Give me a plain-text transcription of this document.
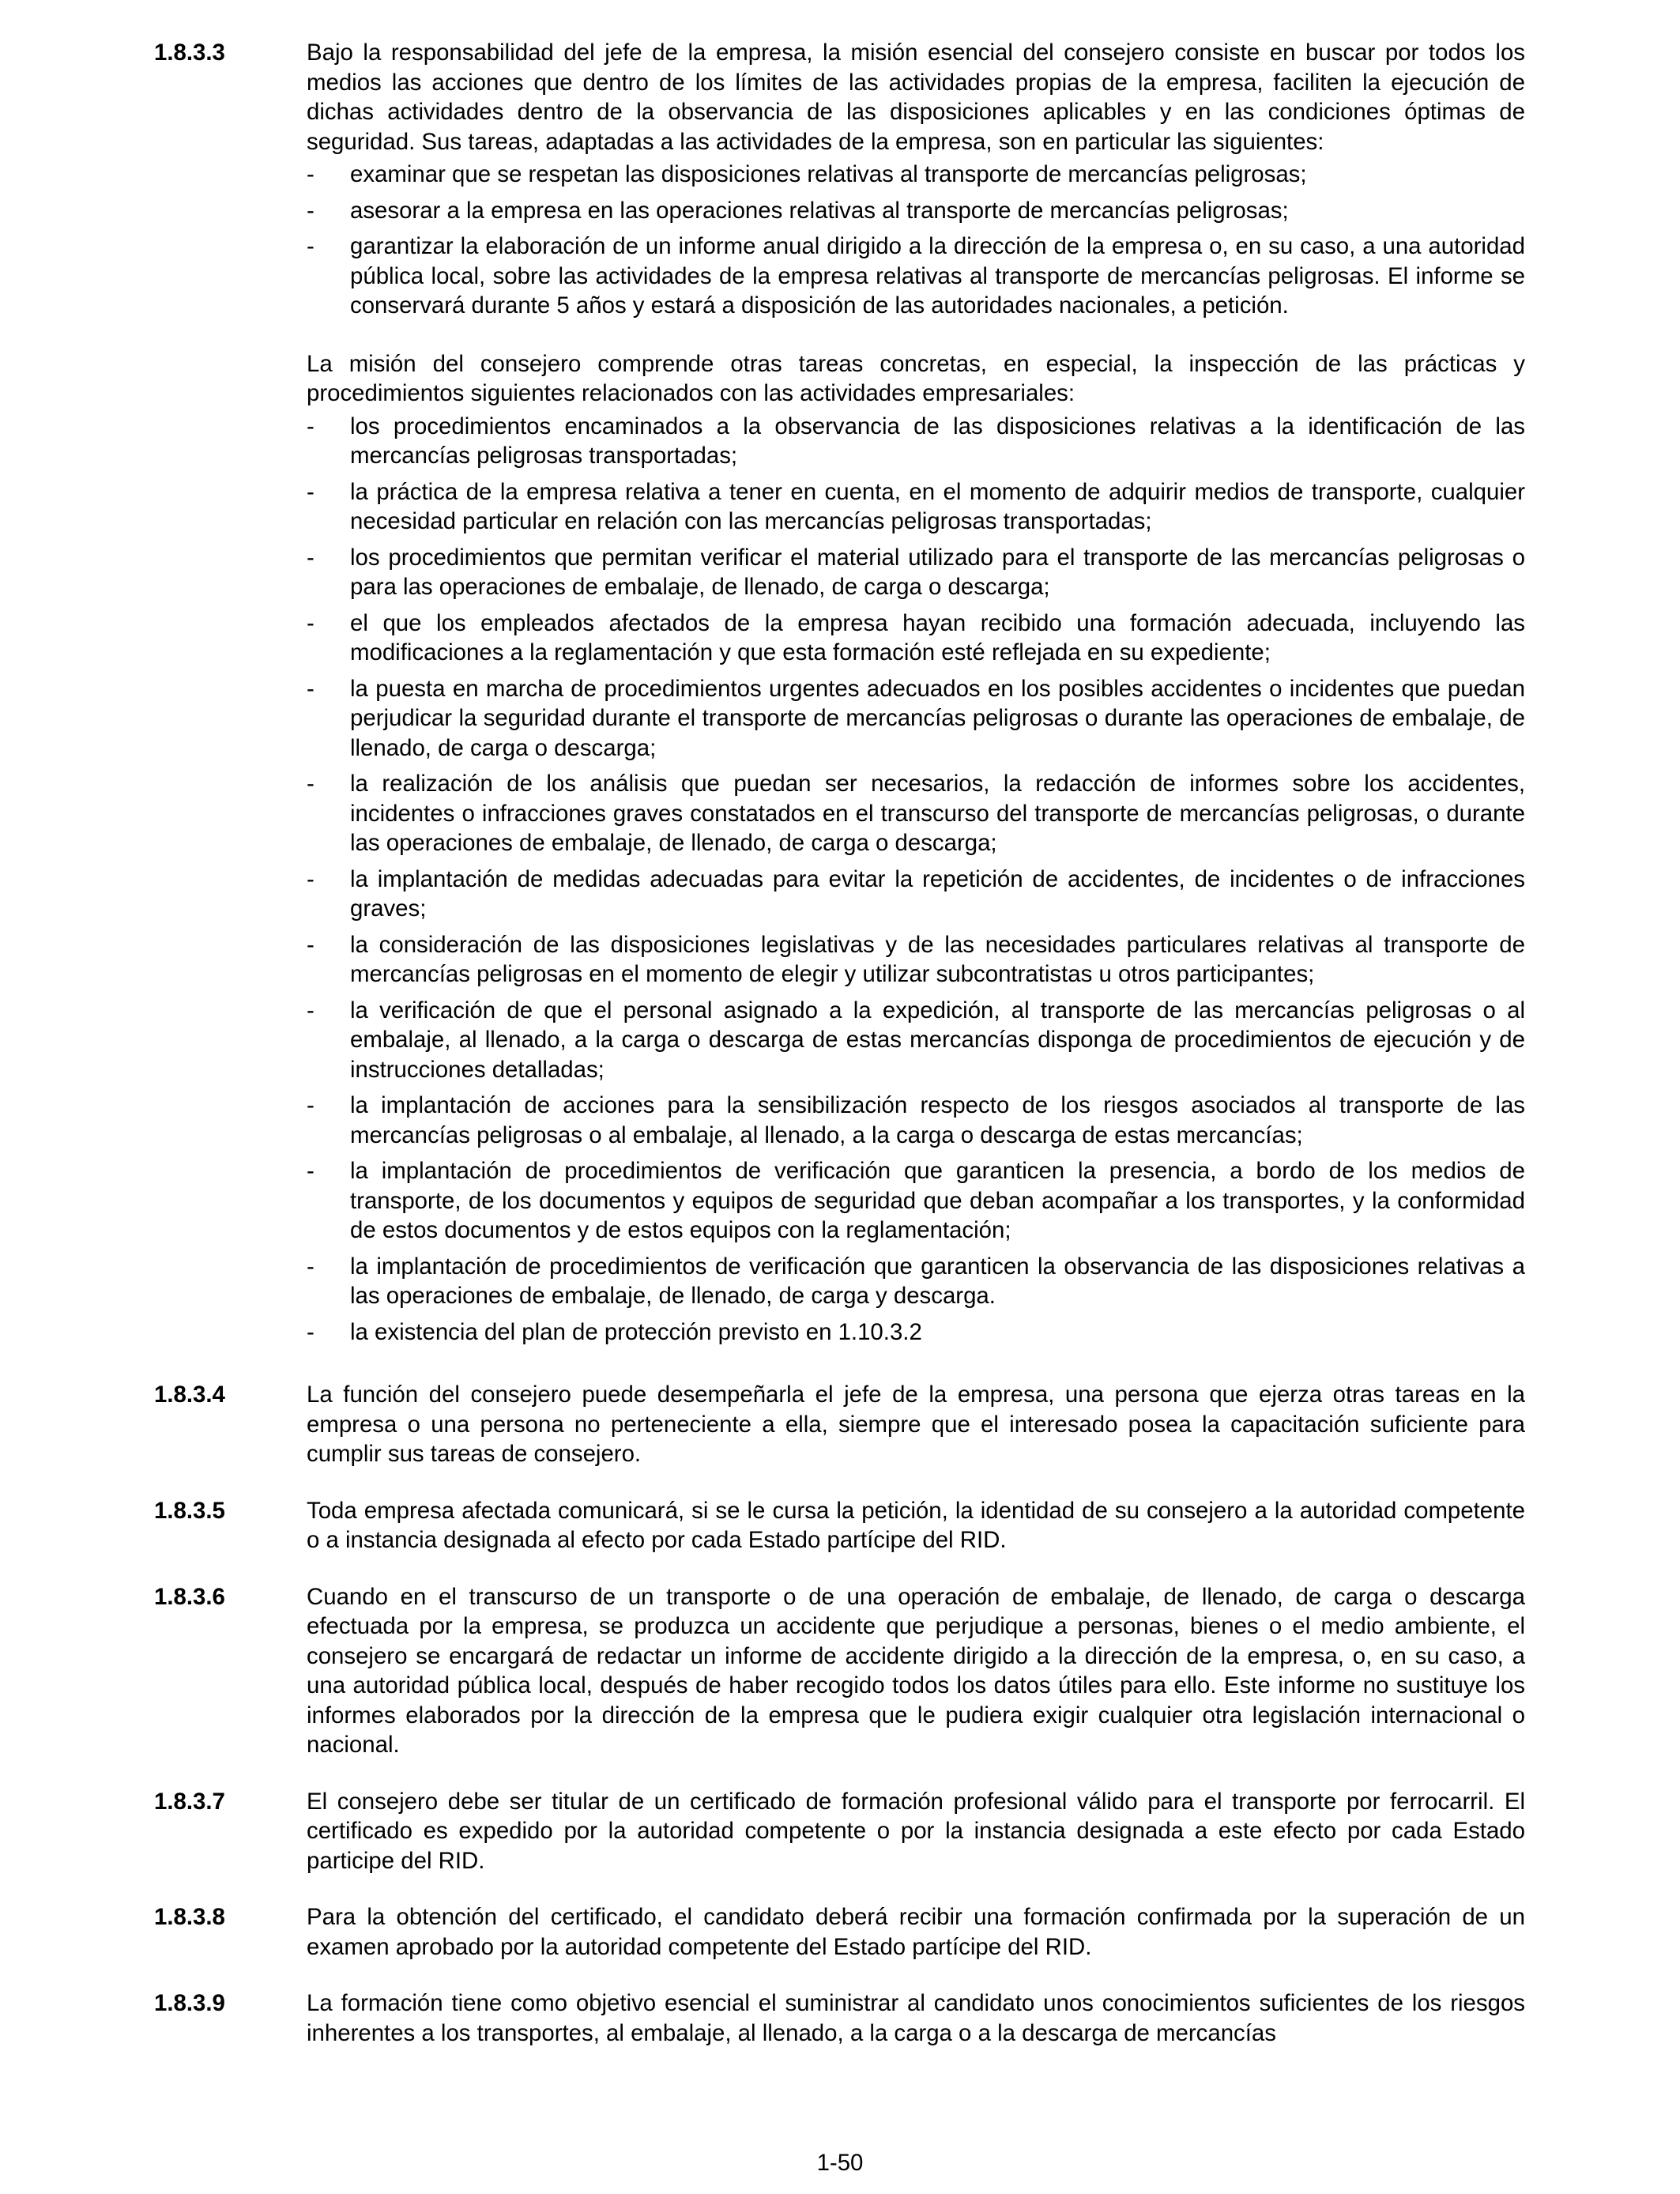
1.8.3.3	Bajo la responsabilidad del jefe de la empresa, la misión esencial del consejero consiste en buscar por todos los medios las acciones que dentro de los límites de las actividades propias de la empresa, faciliten la ejecución de dichas actividades dentro de la observancia de las disposiciones aplicables y en las condiciones óptimas de seguridad. Sus tareas, adaptadas a las actividades de la empresa, son en particular las siguientes:

-	examinar que se respetan las disposiciones relativas al transporte de mercancías peligrosas;
-	asesorar a la empresa en las operaciones relativas al transporte de mercancías peligrosas;
-	garantizar la elaboración de un informe anual dirigido a la dirección de la empresa o, en su caso, a una autoridad pública local, sobre las actividades de la empresa relativas al transporte de mercancías peligrosas. El informe se conservará durante 5 años y estará a disposición de las autoridades nacionales, a petición.

La misión del consejero comprende otras tareas concretas, en especial, la inspección de las prácticas y procedimientos siguientes relacionados con las actividades empresariales:

-	los procedimientos encaminados a la observancia de las disposiciones relativas a la identificación de las mercancías peligrosas transportadas;
-	la práctica de la empresa relativa a tener en cuenta, en el momento de adquirir medios de transporte, cualquier necesidad particular en relación con las mercancías peligrosas transportadas;
-	los procedimientos que permitan verificar el material utilizado para el transporte de las mercancías peligrosas o para las operaciones de embalaje, de llenado, de carga o descarga;
-	el que los empleados afectados de la empresa hayan recibido una formación adecuada, incluyendo las modificaciones a la reglamentación y que esta formación esté reflejada en su expediente;
-	la puesta en marcha de procedimientos urgentes adecuados en los posibles accidentes o incidentes que puedan perjudicar la seguridad durante el transporte de mercancías peligrosas o durante las operaciones de embalaje, de llenado, de carga o descarga;
-	la realización de los análisis que puedan ser necesarios, la redacción de informes sobre los accidentes, incidentes o infracciones graves constatados en el transcurso del transporte de mercancías peligrosas, o durante las operaciones de embalaje, de llenado, de carga o descarga;
-	la implantación de medidas adecuadas para evitar la repetición de accidentes, de incidentes o de infracciones graves;
-	la consideración de las disposiciones legislativas y de las necesidades particulares relativas al transporte de mercancías peligrosas en el momento de elegir y utilizar subcontratistas u otros participantes;
-	la verificación de que el personal asignado a la expedición, al transporte de las mercancías peligrosas o al embalaje, al llenado, a la carga o descarga de estas mercancías disponga de procedimientos de ejecución y de instrucciones detalladas;
-	la implantación de acciones para la sensibilización respecto de los riesgos asociados al transporte de las mercancías peligrosas o al embalaje, al llenado, a la carga o descarga de estas mercancías;
-	la implantación de procedimientos de verificación que garanticen la presencia, a bordo de los medios de transporte, de los documentos y equipos de seguridad que deban acompañar a los transportes, y la conformidad de estos documentos y de estos equipos con la reglamentación;
-	la implantación de procedimientos de verificación que garanticen la observancia de las disposiciones relativas a las operaciones de embalaje, de llenado, de carga y descarga.
-	la existencia del plan de protección previsto en 1.10.3.2
1.8.3.4	La función del consejero puede desempeñarla el jefe de la empresa, una persona que ejerza otras tareas en la empresa o una persona no perteneciente a ella, siempre que el interesado posea la capacitación suficiente para cumplir sus tareas de consejero.

1.8.3.5	Toda empresa afectada comunicará, si se le cursa la petición, la identidad de su consejero a la autoridad competente o a instancia designada al efecto por cada Estado partícipe del RID.

1.8.3.6	Cuando en el transcurso de un transporte o de una operación de embalaje, de llenado, de carga o descarga efectuada por la empresa, se produzca un accidente que perjudique a personas, bienes o el medio ambiente, el consejero se encargará de redactar un informe de accidente dirigido a la dirección de la empresa, o, en su caso, a una autoridad pública local, después de haber recogido todos los datos útiles para ello. Este informe no sustituye los informes elaborados por la dirección de la empresa que le pudiera exigir cualquier otra legislación internacional o nacional.

1.8.3.7	El consejero debe ser titular de un certificado de formación profesional válido para el transporte por ferrocarril. El certificado es expedido por la autoridad competente o por la instancia designada a este efecto por cada Estado participe del RID.

1.8.3.8	Para la obtención del certificado, el candidato deberá recibir una formación confirmada por la superación de un examen aprobado por la autoridad competente del Estado partícipe del RID.

1.8.3.9	La formación tiene como objetivo esencial el suministrar al candidato unos conocimientos suficientes de los riesgos inherentes a los transportes, al embalaje, al llenado, a la carga o a la descarga de mercancías

1-50
